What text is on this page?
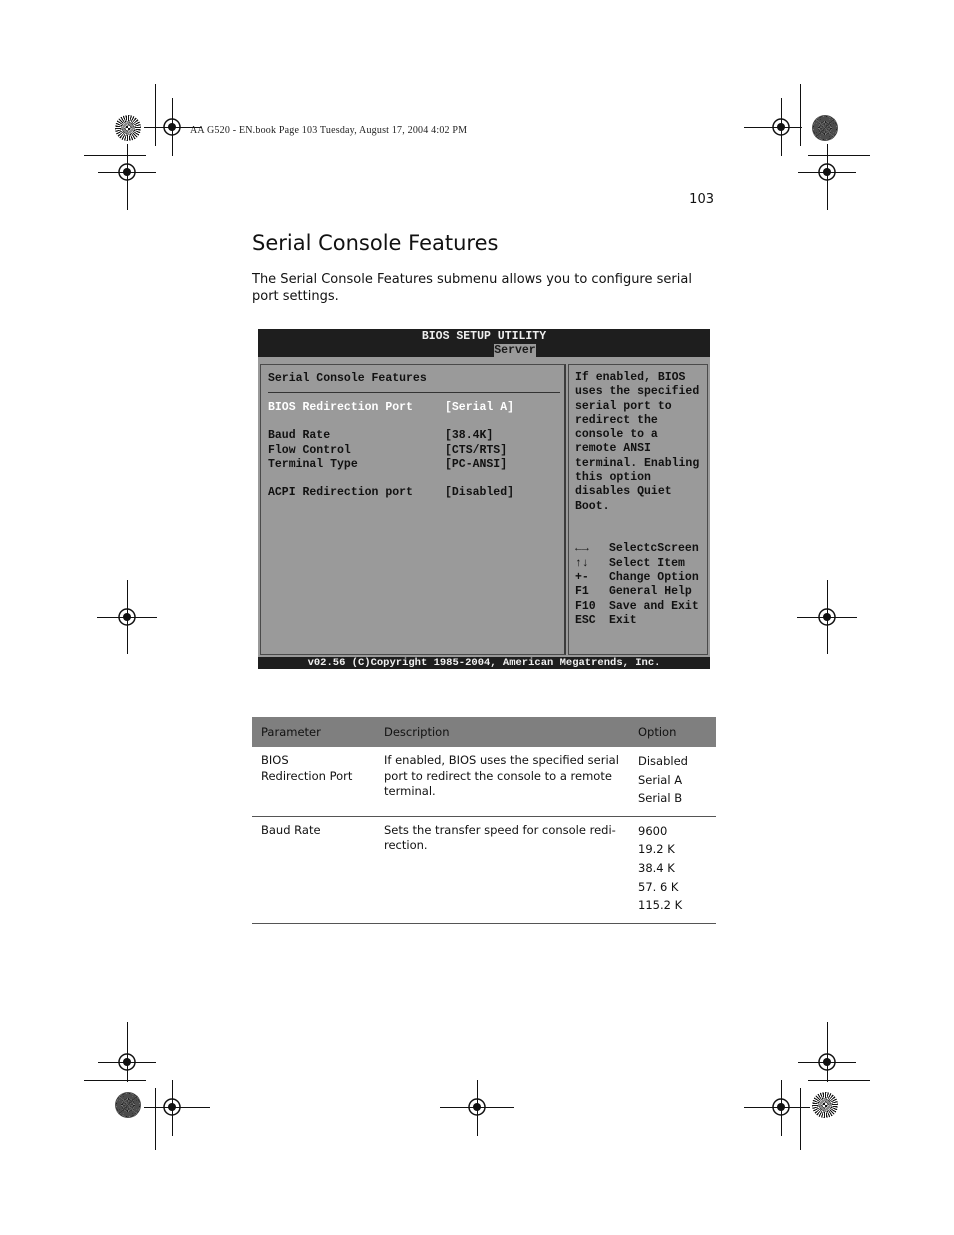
AA G520 - EN.book Page 103 Tuesday, August 17, 2004 4:02 PM
103
Serial Console Features

The Serial Console Features submenu allows you to configure serial port settings.

BIOS SETUP UTILITY
Server
Serial Console Features
BIOS Redirection Port	[Serial A]
Baud Rate	[38.4K]
Flow Control	[CTS/RTS]
Terminal Type	[PC-ANSI]
ACPI Redirection port	[Disabled]
If enabled, BIOS uses the specified serial port to redirect the console to a remote ANSI terminal. Enabling this option disables Quiet Boot.
←→ SelectcScreen
↑↓ Select Item
+- Change Option
F1 General Help
F10 Save and Exit
ESC Exit
v02.56 (C)Copyright 1985-2004, American Megatrends, Inc.
Parameter	Description	Option
BIOS Redirection Port	If enabled, BIOS uses the specified serial port to redirect the console to a remote terminal.	Disabled
Serial A
Serial B

Baud Rate	Sets the transfer speed for console redi-rection.	9600
19.2 K
38.4 K
57. 6 K
115.2 K
